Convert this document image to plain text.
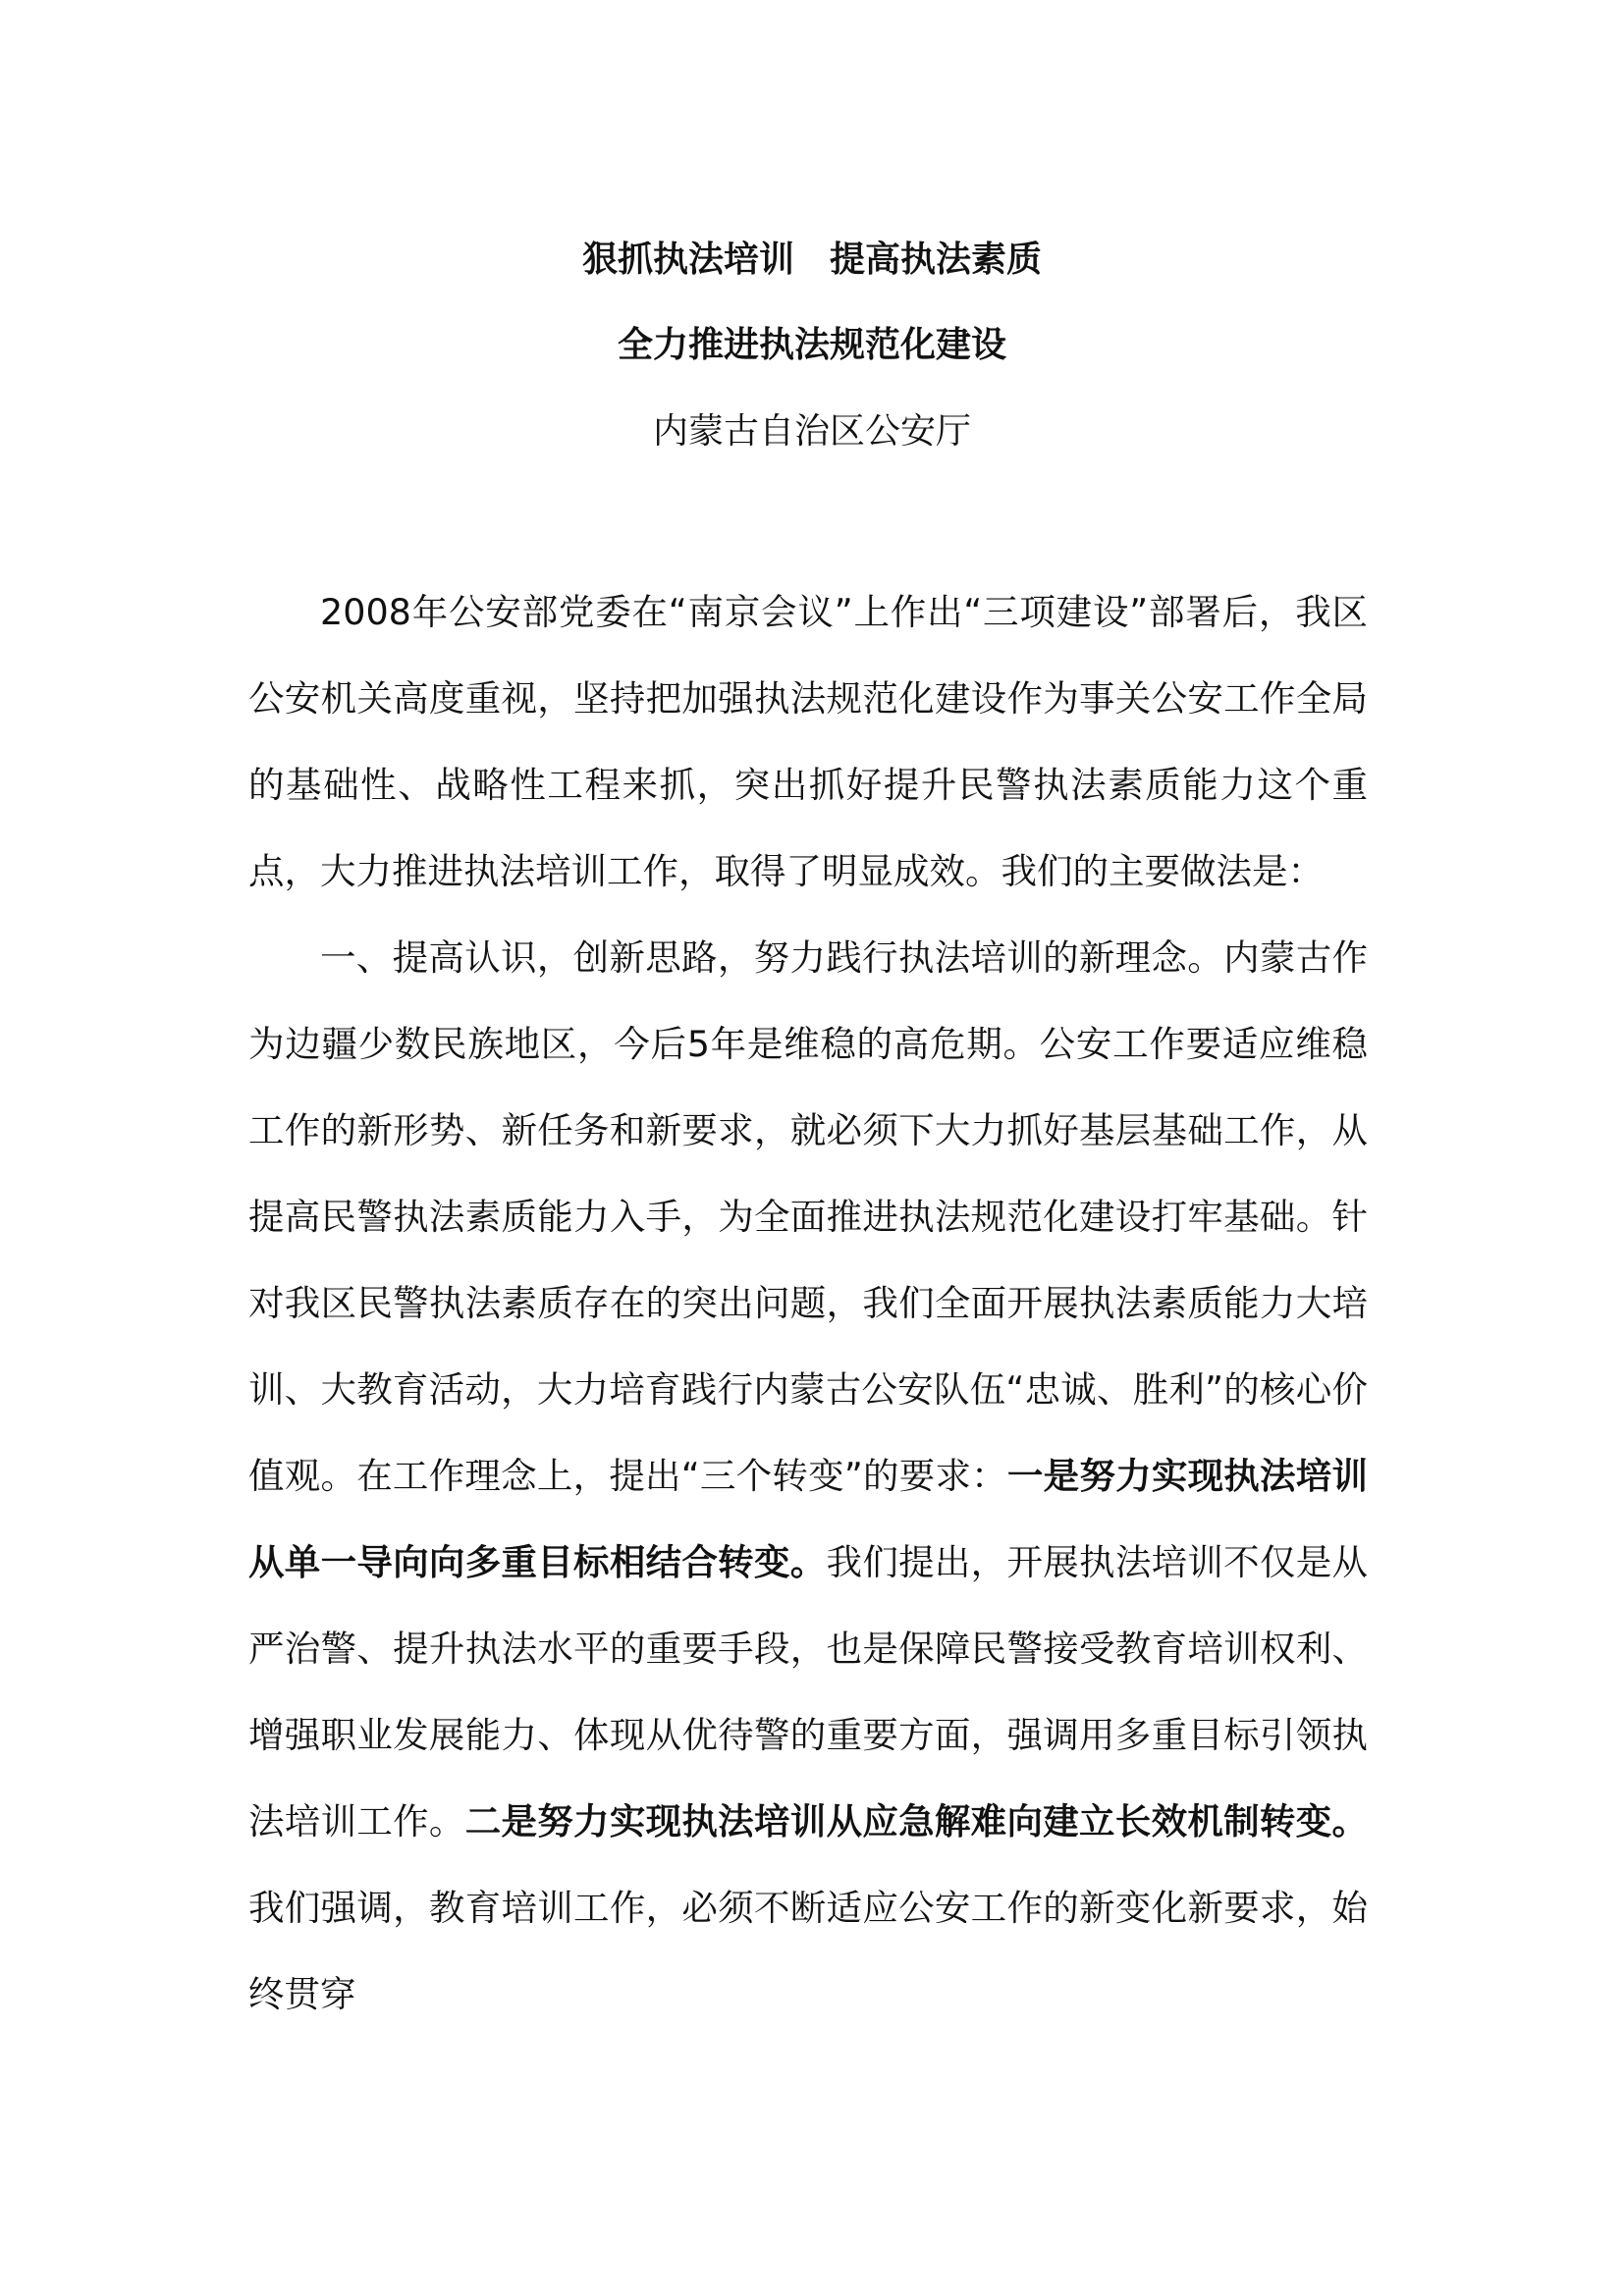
狠抓执法培训　提高执法素质
全力推进执法规范化建设
内蒙古自治区公安厅

2008年公安部党委在“南京会议”上作出“三项建设”部署后，我区公安机关高度重视，坚持把加强执法规范化建设作为事关公安工作全局的基础性、战略性工程来抓，突出抓好提升民警执法素质能力这个重点，大力推进执法培训工作，取得了明显成效。我们的主要做法是：

一、提高认识，创新思路，努力践行执法培训的新理念。内蒙古作为边疆少数民族地区，今后5年是维稳的高危期。公安工作要适应维稳工作的新形势、新任务和新要求，就必须下大力抓好基层基础工作，从提高民警执法素质能力入手，为全面推进执法规范化建设打牢基础。针对我区民警执法素质存在的突出问题，我们全面开展执法素质能力大培训、大教育活动，大力培育践行内蒙古公安队伍“忠诚、胜利”的核心价值观。在工作理念上，提出“三个转变”的要求：一是努力实现执法培训从单一导向向多重目标相结合转变。我们提出，开展执法培训不仅是从严治警、提升执法水平的重要手段，也是保障民警接受教育培训权利、增强职业发展能力、体现从优待警的重要方面，强调用多重目标引领执法培训工作。二是努力实现执法培训从应急解难向建立长效机制转变。我们强调，教育培训工作，必须不断适应公安工作的新变化新要求，始终贯穿
